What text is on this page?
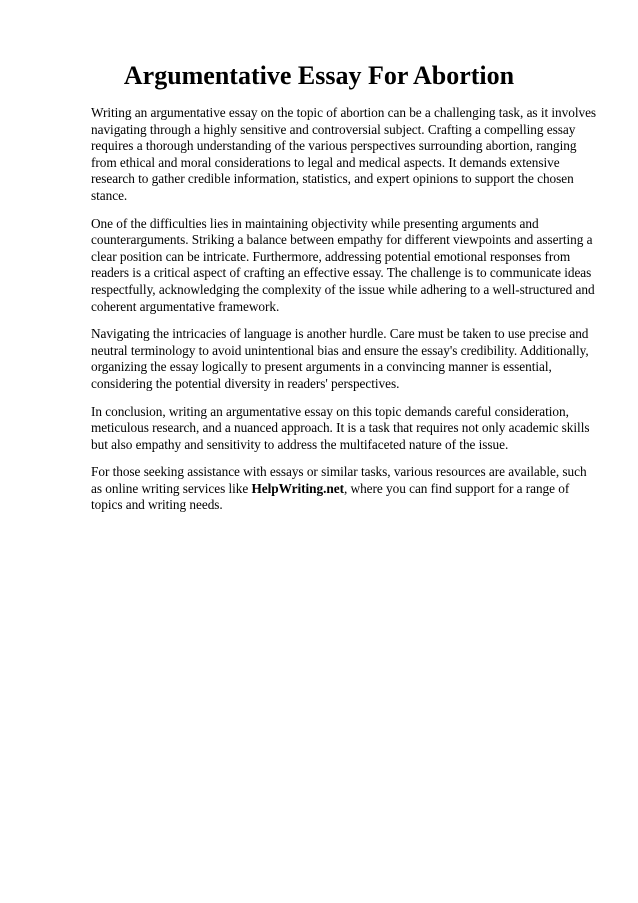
Argumentative Essay For Abortion

Writing an argumentative essay on the topic of abortion can be a challenging task, as it involves navigating through a highly sensitive and controversial subject. Crafting a compelling essay requires a thorough understanding of the various perspectives surrounding abortion, ranging from ethical and moral considerations to legal and medical aspects. It demands extensive research to gather credible information, statistics, and expert opinions to support the chosen stance.

One of the difficulties lies in maintaining objectivity while presenting arguments and counterarguments. Striking a balance between empathy for different viewpoints and asserting a clear position can be intricate. Furthermore, addressing potential emotional responses from readers is a critical aspect of crafting an effective essay. The challenge is to communicate ideas respectfully, acknowledging the complexity of the issue while adhering to a well-structured and coherent argumentative framework.

Navigating the intricacies of language is another hurdle. Care must be taken to use precise and neutral terminology to avoid unintentional bias and ensure the essay's credibility. Additionally, organizing the essay logically to present arguments in a convincing manner is essential, considering the potential diversity in readers' perspectives.

In conclusion, writing an argumentative essay on this topic demands careful consideration, meticulous research, and a nuanced approach. It is a task that requires not only academic skills but also empathy and sensitivity to address the multifaceted nature of the issue.

For those seeking assistance with essays or similar tasks, various resources are available, such as online writing services like HelpWriting.net, where you can find support for a range of topics and writing needs.
